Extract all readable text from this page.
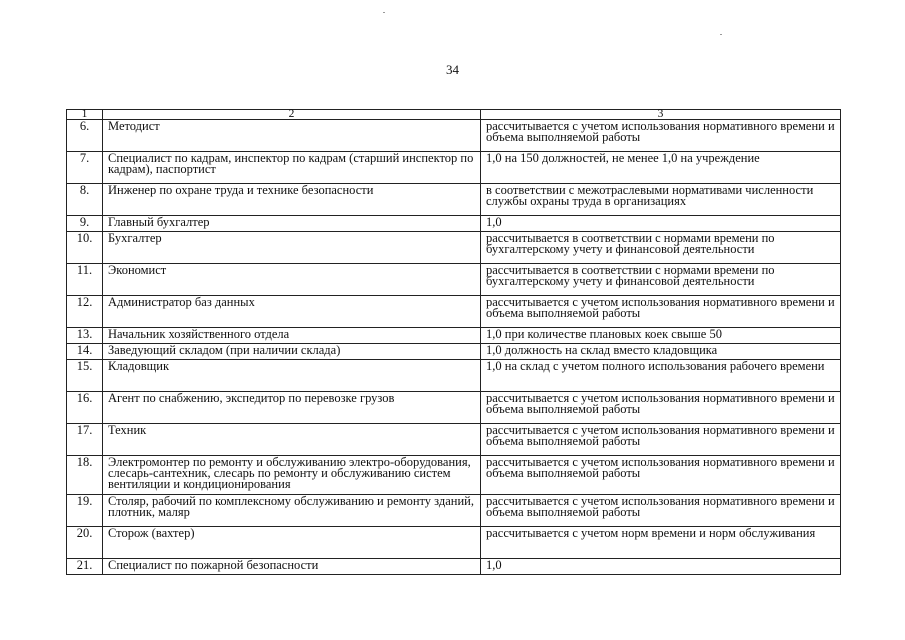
34
1	2	3
6.	Методист	рассчитывается с учетом использования нормативного времени и объема выполняемой работы
7.	Специалист по кадрам, инспектор по кадрам (старший инспектор по кадрам), паспортист	1,0 на 150 должностей, не менее 1,0 на учреждение
8.	Инженер по охране труда и технике безопасности	в соответствии с межотраслевыми нормативами численности службы охраны труда в организациях
9.	Главный бухгалтер	1,0
10.	Бухгалтер	рассчитывается в соответствии с нормами времени по бухгалтерскому учету и финансовой деятельности
11.	Экономист	рассчитывается в соответствии с нормами времени по бухгалтерскому учету и финансовой деятельности
12.	Администратор баз данных	рассчитывается с учетом использования нормативного времени и объема выполняемой работы
13.	Начальник хозяйственного отдела	1,0 при количестве плановых коек свыше 50
14.	Заведующий складом (при наличии склада)	1,0 должность на склад вместо кладовщика
15.	Кладовщик	1,0 на склад с учетом полного использования рабочего времени
16.	Агент по снабжению, экспедитор по перевозке грузов	рассчитывается с учетом использования нормативного времени и объема выполняемой работы
17.	Техник	рассчитывается с учетом использования нормативного времени и объема выполняемой работы
18.	Электромонтер по ремонту и обслуживанию электро-оборудования, слесарь-сантехник, слесарь по ремонту и обслуживанию систем вентиляции и кондиционирования	рассчитывается с учетом использования нормативного времени и объема выполняемой работы
19.	Столяр, рабочий по комплексному обслуживанию и ремонту зданий, плотник, маляр	рассчитывается с учетом использования нормативного времени и объема выполняемой работы
20.	Сторож (вахтер)	рассчитывается с учетом норм времени и норм обслуживания
21.	Специалист по пожарной безопасности	1,0
